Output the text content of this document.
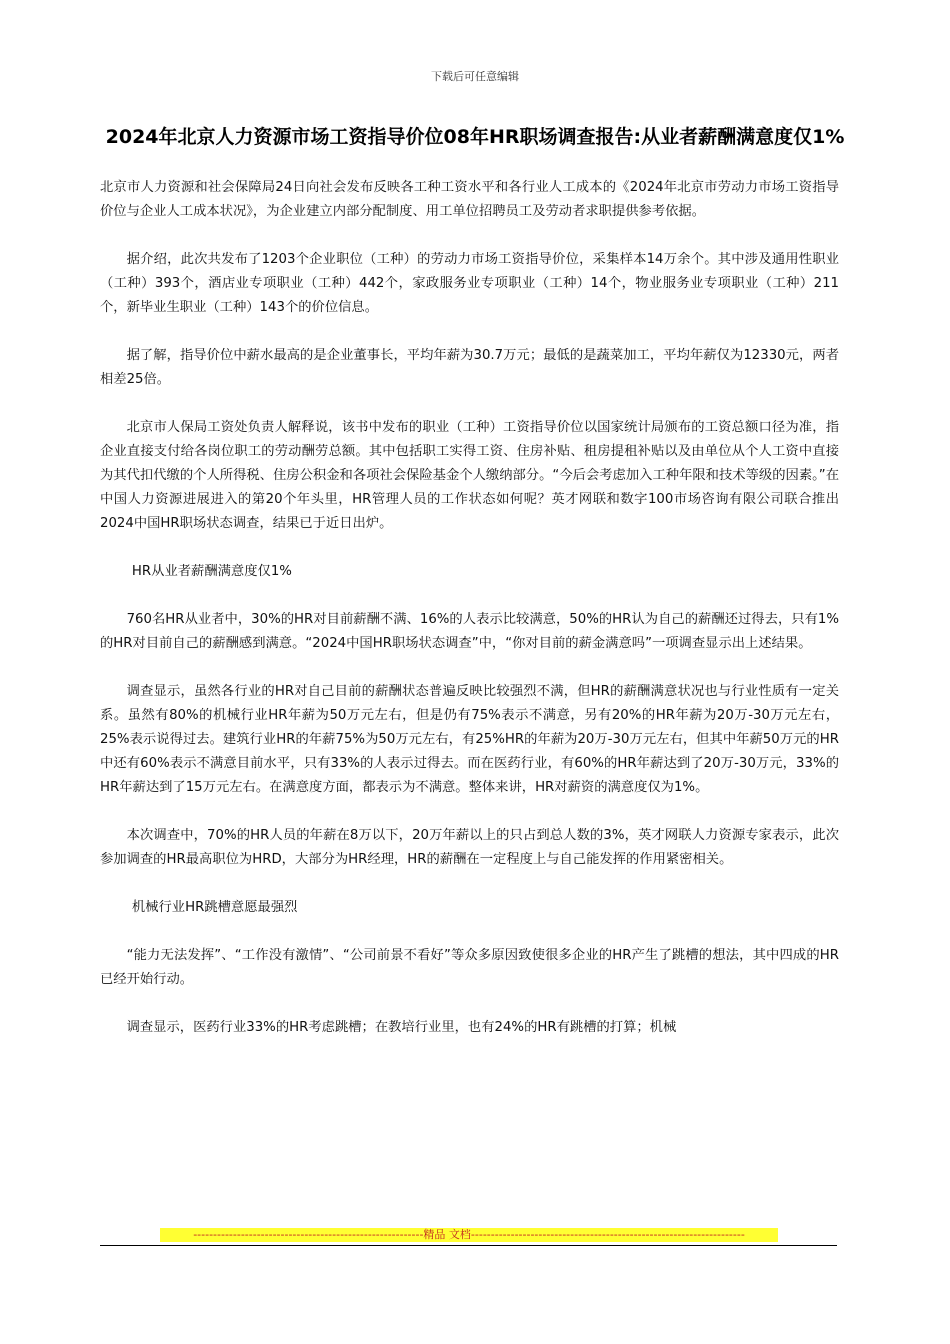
下载后可任意编辑
2024年北京人力资源市场工资指导价位08年HR职场调查报告:从业者薪酬满意度仅1%

北京市人力资源和社会保障局24日向社会发布反映各工种工资水平和各行业人工成本的《2024年北京市劳动力市场工资指导价位与企业人工成本状况》，为企业建立内部分配制度、用工单位招聘员工及劳动者求职提供参考依据。

据介绍，此次共发布了1203个企业职位（工种）的劳动力市场工资指导价位，采集样本14万余个。其中涉及通用性职业（工种）393个，酒店业专项职业（工种）442个，家政服务业专项职业（工种）14个，物业服务业专项职业（工种）211个，新毕业生职业（工种）143个的价位信息。

据了解，指导价位中薪水最高的是企业董事长，平均年薪为30.7万元；最低的是蔬菜加工，平均年薪仅为12330元，两者相差25倍。

北京市人保局工资处负责人解释说，该书中发布的职业（工种）工资指导价位以国家统计局颁布的工资总额口径为准，指企业直接支付给各岗位职工的劳动酬劳总额。其中包括职工实得工资、住房补贴、租房提租补贴以及由单位从个人工资中直接为其代扣代缴的个人所得税、住房公积金和各项社会保险基金个人缴纳部分。“今后会考虑加入工种年限和技术等级的因素。”在中国人力资源进展进入的第20个年头里，HR管理人员的工作状态如何呢？英才网联和数字100市场咨询有限公司联合推出2024中国HR职场状态调查，结果已于近日出炉。

HR从业者薪酬满意度仅1%

760名HR从业者中，30%的HR对目前薪酬不满、16%的人表示比较满意，50%的HR认为自己的薪酬还过得去，只有1%的HR对目前自己的薪酬感到满意。“2024中国HR职场状态调查”中，“你对目前的薪金满意吗”一项调查显示出上述结果。

调查显示，虽然各行业的HR对自己目前的薪酬状态普遍反映比较强烈不满，但HR的薪酬满意状况也与行业性质有一定关系。虽然有80%的机械行业HR年薪为50万元左右，但是仍有75%表示不满意，另有20%的HR年薪为20万-30万元左右，25%表示说得过去。建筑行业HR的年薪75%为50万元左右，有25%HR的年薪为20万-30万元左右，但其中年薪50万元的HR中还有60%表示不满意目前水平，只有33%的人表示过得去。而在医药行业，有60%的HR年薪达到了20万-30万元，33%的HR年薪达到了15万元左右。在满意度方面，都表示为不满意。整体来讲，HR对薪资的满意度仅为1%。

本次调查中，70%的HR人员的年薪在8万以下，20万年薪以上的只占到总人数的3%，英才网联人力资源专家表示，此次参加调查的HR最高职位为HRD，大部分为HR经理，HR的薪酬在一定程度上与自己能发挥的作用紧密相关。

机械行业HR跳槽意愿最强烈

“能力无法发挥”、“工作没有激情”、“公司前景不看好”等众多原因致使很多企业的HR产生了跳槽的想法，其中四成的HR已经开始行动。

调查显示，医药行业33%的HR考虑跳槽；在教培行业里，也有24%的HR有跳槽的打算；机械

----------------------------------------------------------精品 文档---------------------------------------------------------------------
